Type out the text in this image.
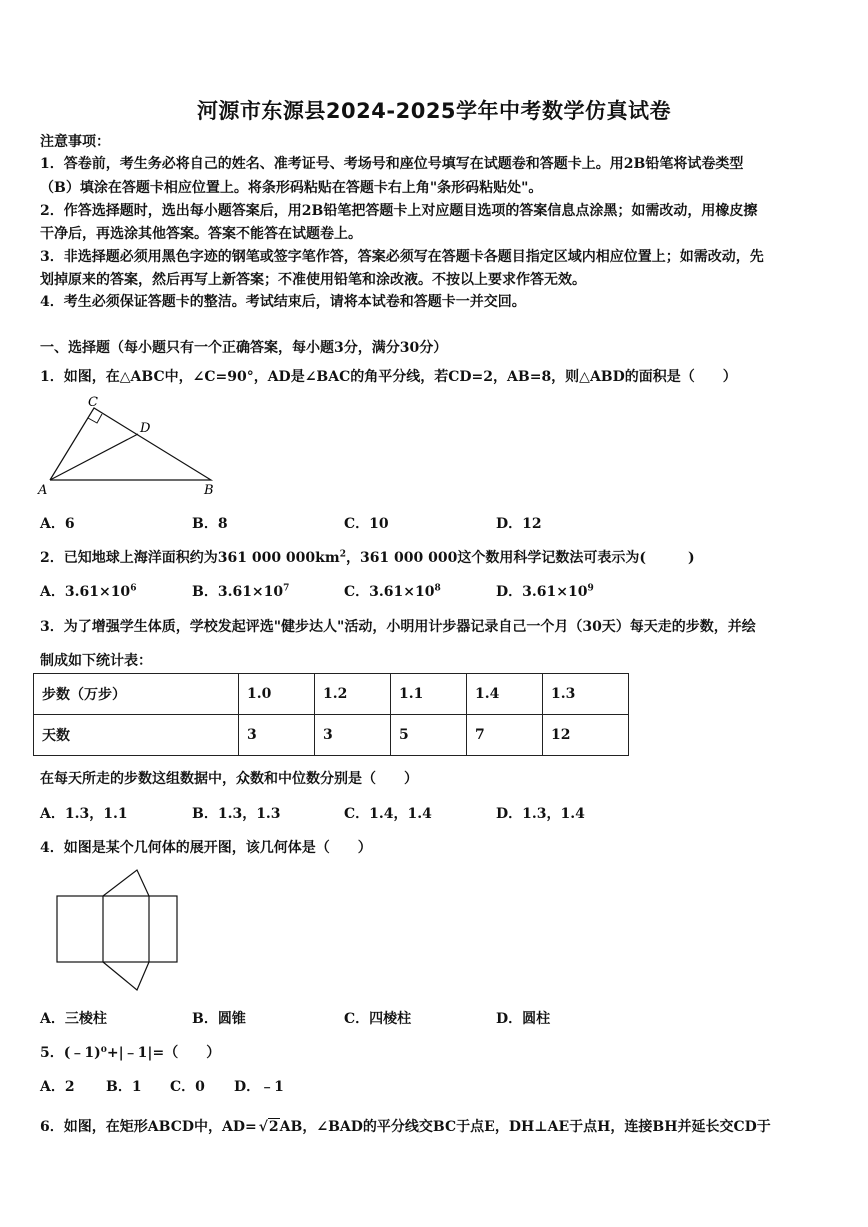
河源市东源县2024-2025学年中考数学仿真试卷
注意事项：
1．答卷前，考生务必将自己的姓名、准考证号、考场号和座位号填写在试题卷和答题卡上。用2B铅笔将试卷类型
（B）填涂在答题卡相应位置上。将条形码粘贴在答题卡右上角"条形码粘贴处"。
2．作答选择题时，选出每小题答案后，用2B铅笔把答题卡上对应题目选项的答案信息点涂黑；如需改动，用橡皮擦
干净后，再选涂其他答案。答案不能答在试题卷上。
3．非选择题必须用黑色字迹的钢笔或签字笔作答，答案必须写在答题卡各题目指定区域内相应位置上；如需改动，先
划掉原来的答案，然后再写上新答案；不准使用铅笔和涂改液。不按以上要求作答无效。
4．考生必须保证答题卡的整洁。考试结束后，请将本试卷和答题卡一并交回。
一、选择题（每小题只有一个正确答案，每小题3分，满分30分）
1．如图，在△ABC中，∠C=90°，AD是∠BAC的角平分线，若CD=2，AB=8，则△ABD的面积是（　　）
C
D
A	B
A．6	B．8	C．10	D．12
2．已知地球上海洋面积约为361 000 $000km^2$，361 000 000这个数用科学记数法可表示为(　　　)
A．$3.61\times 10^6$	B．$3.61\times 10^7$	C．$3.61\times 10^8$	D．$3.61\times 10^9$
3．为了增强学生体质，学校发起评选"健步达人"活动，小明用计步器记录自己一个月（30天）每天走的步数，并绘
制成如下统计表：
步数（万步）	1.0	1.2	1.1	1.4	1.3
天数	3	3	5	7	12
在每天所走的步数这组数据中，众数和中位数分别是（　　）
A．1.3，1.1	B．1.3，1.3	C．1.4，1.4	D．1.3，1.4
4．如图是某个几何体的展开图，该几何体是（　　）
A．三棱柱	B．圆锥	C．四棱柱	D．圆柱
5．(﹣1)⁰+|﹣1|=（　　）
A．2 B．1 C．0 D．﹣1
6．如图，在矩形ABCD中，AD= √2AB，∠BAD的平分线交BC于点E，DH⊥AE于点H，连接BH并延长交CD于
